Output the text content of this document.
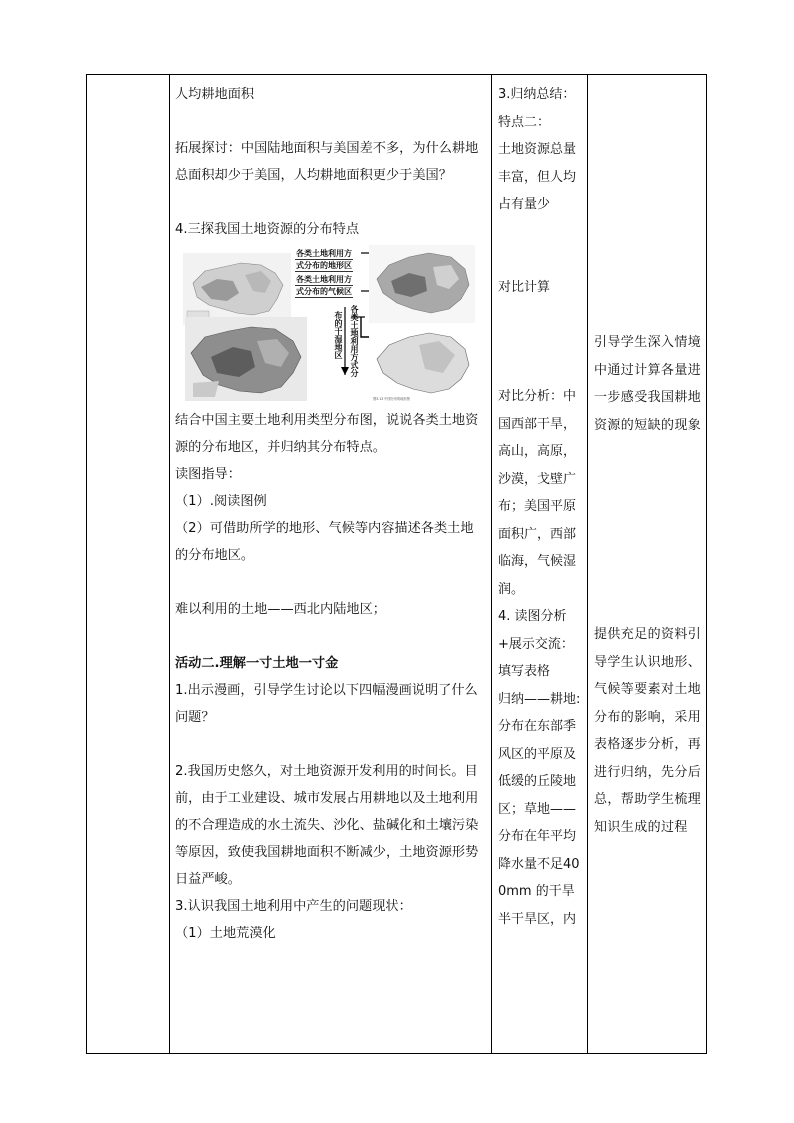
人均耕地面积

拓展探讨：中国陆地面积与美国差不多，为什么耕地总面积却少于美国，人均耕地面积更少于美国？

4.三探我国土地资源的分布特点

各类土地利用方
式分布的地形区
各类土地利用方
式分布的气候区
布的干湿地区 各类土地利用方式分
图3.13 中国分布的地形图

结合中国主要土地利用类型分布图，说说各类土地资源的分布地区，并归纳其分布特点。

读图指导：

（1）.阅读图例

（2）可借助所学的地形、气候等内容描述各类土地的分布地区。

难以利用的土地——西北内陆地区；

活动二.理解一寸土地一寸金

1.出示漫画，引导学生讨论以下四幅漫画说明了什么问题？

2.我国历史悠久，对土地资源开发利用的时间长。目前，由于工业建设、城市发展占用耕地以及土地利用的不合理造成的水土流失、沙化、盐碱化和土壤污染等原因，致使我国耕地面积不断减少，土地资源形势日益严峻。

3.认识我国土地利用中产生的问题现状：

（1）土地荒漠化

3.归纳总结：

特点二：

土地资源总量丰富，但人均占有量少

对比计算

对比分析：中国西部干旱，高山，高原，沙漠，戈壁广布；美国平原面积广，西部临海，气候湿润。

4. 读图分析+展示交流：

填写表格

归纳——耕地:分布在东部季风区的平原及低缓的丘陵地区；草地——分布在年平均降水量不足400mm 的干旱半干旱区，内

引导学生深入情境中通过计算各量进一步感受我国耕地资源的短缺的现象

提供充足的资料引导学生认识地形、气候等要素对土地分布的影响，采用表格逐步分析，再进行归纳，先分后总，帮助学生梳理知识生成的过程
